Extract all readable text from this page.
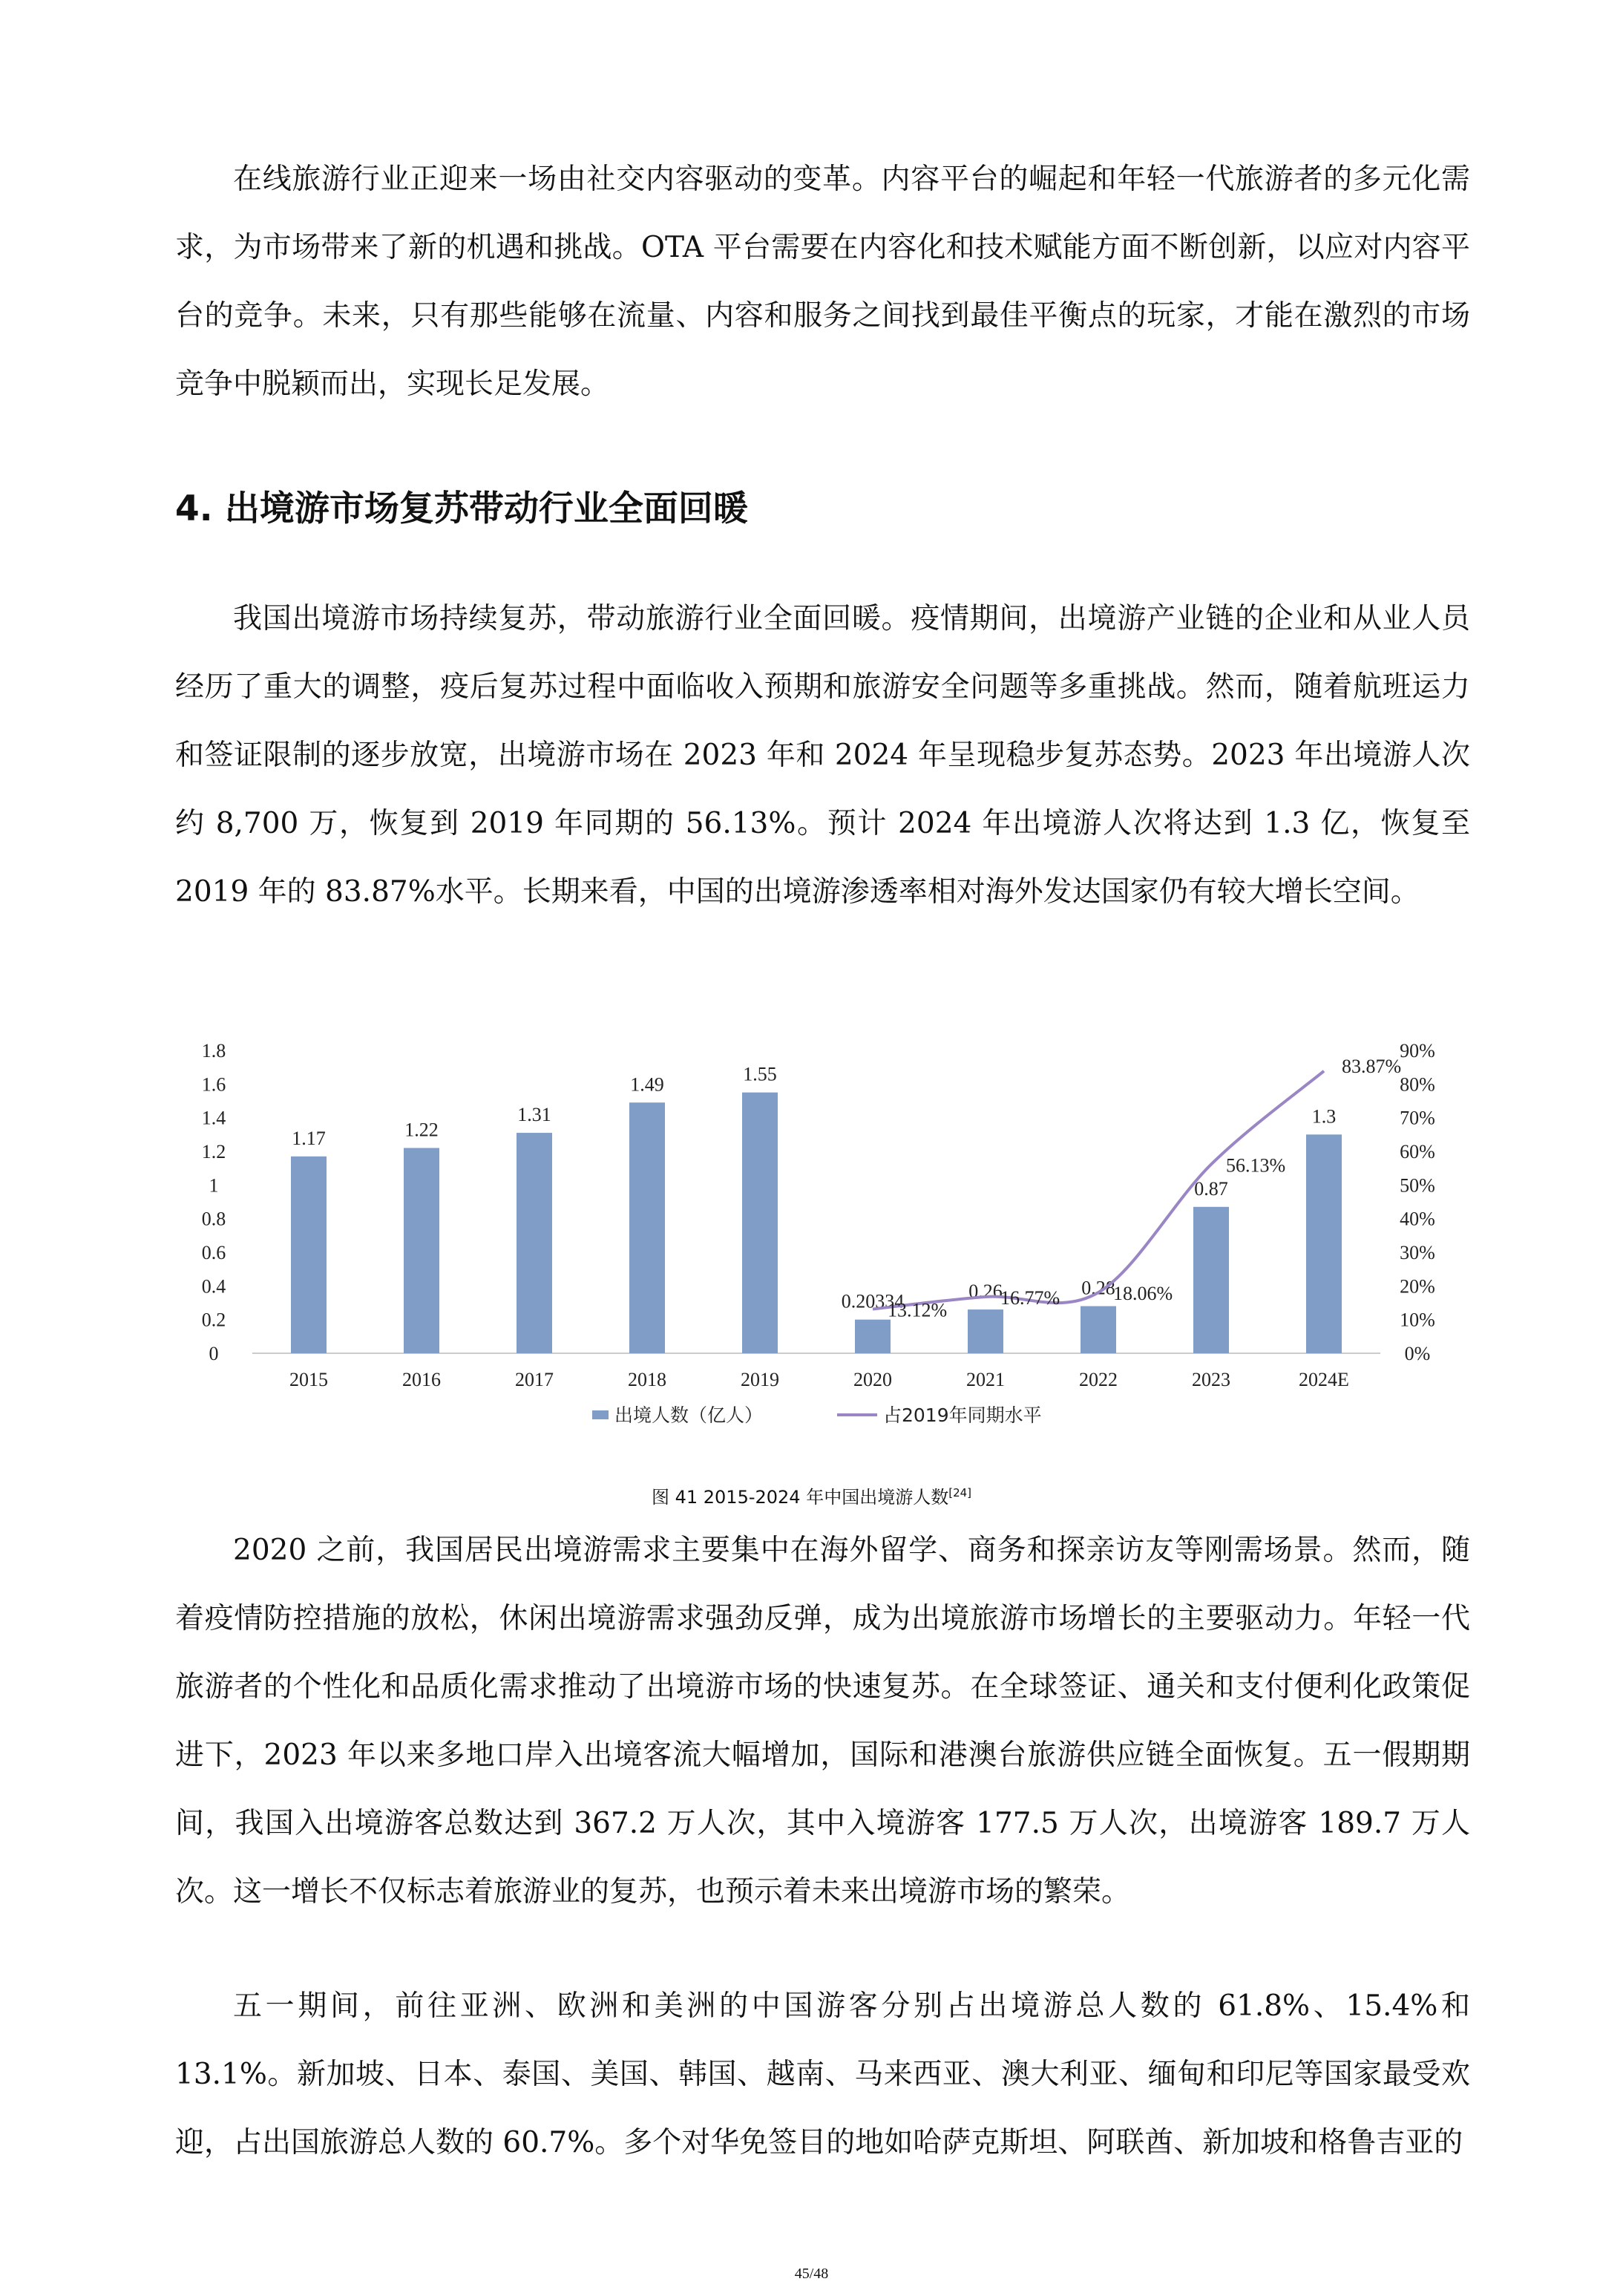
在线旅游行业正迎来一场由社交内容驱动的变革。内容平台的崛起和年轻一代旅游者的多元化需求，为市场带来了新的机遇和挑战。OTA 平台需要在内容化和技术赋能方面不断创新，以应对内容平台的竞争。未来，只有那些能够在流量、内容和服务之间找到最佳平衡点的玩家，才能在激烈的市场竞争中脱颖而出，实现长足发展。

4. 出境游市场复苏带动行业全面回暖

我国出境游市场持续复苏，带动旅游行业全面回暖。疫情期间，出境游产业链的企业和从业人员经历了重大的调整，疫后复苏过程中面临收入预期和旅游安全问题等多重挑战。然而，随着航班运力和签证限制的逐步放宽，出境游市场在 2023 年和 2024 年呈现稳步复苏态势。2023 年出境游人次约 8,700 万，恢复到 2019 年同期的 56.13%。预计 2024 年出境游人次将达到 1.3 亿，恢复至 2019 年的 83.87%水平。长期来看，中国的出境游渗透率相对海外发达国家仍有较大增长空间。

0
0.2
0.4
0.6
0.8
1
1.2
1.4
1.6
1.8
0%
10%
20%
30%
40%
50%
60%
70%
80%
90%
1.17	1.22
1.31
1.49	1.55
0.20334	0.26	0.28
0.87
1.3
2015	2016	2017	2018	2019	2020	2021	2022	2023	2024E
13.12%
16.77%	18.06%
56.13%
83.87%
出境人数（亿人）	占2019年同期水平

图 41 2015-2024 年中国出境游人数[24]

2020 之前，我国居民出境游需求主要集中在海外留学、商务和探亲访友等刚需场景。然而，随着疫情防控措施的放松，休闲出境游需求强劲反弹，成为出境旅游市场增长的主要驱动力。年轻一代旅游者的个性化和品质化需求推动了出境游市场的快速复苏。在全球签证、通关和支付便利化政策促进下，2023 年以来多地口岸入出境客流大幅增加，国际和港澳台旅游供应链全面恢复。五一假期期间，我国入出境游客总数达到 367.2 万人次，其中入境游客 177.5 万人次，出境游客 189.7 万人次。这一增长不仅标志着旅游业的复苏，也预示着未来出境游市场的繁荣。

五一期间，前往亚洲、欧洲和美洲的中国游客分别占出境游总人数的 61.8%、15.4%和 13.1%。新加坡、日本、泰国、美国、韩国、越南、马来西亚、澳大利亚、缅甸和印尼等国家最受欢迎，占出国旅游总人数的 60.7%。多个对华免签目的地如哈萨克斯坦、阿联酋、新加坡和格鲁吉亚的

45/48
